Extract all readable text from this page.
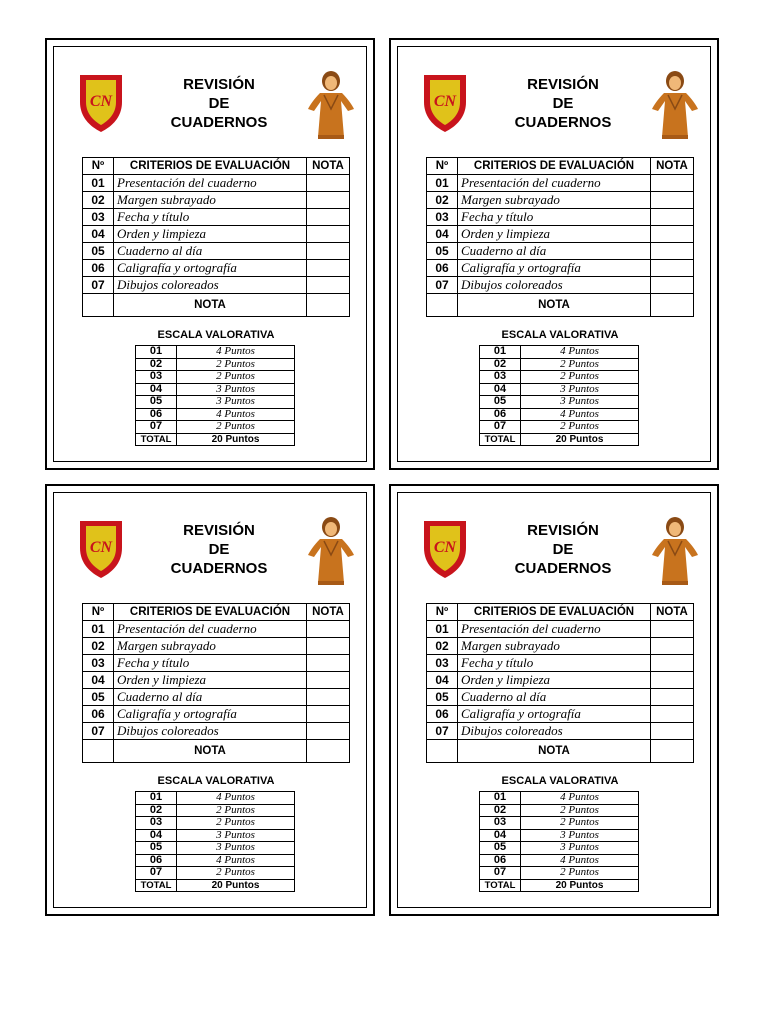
CN
REVISIÓN
DE
CUADERNOS
Nº	CRITERIOS DE EVALUACIÓN	NOTA
01	Presentación del cuaderno	
02	Margen subrayado	
03	Fecha y título	
04	Orden y limpieza	
05	Cuaderno al día	
06	Caligrafía y ortografía	
07	Dibujos coloreados	
	NOTA	
ESCALA VALORATIVA
01	4 Puntos
02	2 Puntos
03	2 Puntos
04	3 Puntos
05	3 Puntos
06	4 Puntos
07	2 Puntos
TOTAL	20 Puntos
CN
REVISIÓN
DE
CUADERNOS
Nº	CRITERIOS DE EVALUACIÓN	NOTA
01	Presentación del cuaderno	
02	Margen subrayado	
03	Fecha y título	
04	Orden y limpieza	
05	Cuaderno al día	
06	Caligrafía y ortografía	
07	Dibujos coloreados	
	NOTA	
ESCALA VALORATIVA
01	4 Puntos
02	2 Puntos
03	2 Puntos
04	3 Puntos
05	3 Puntos
06	4 Puntos
07	2 Puntos
TOTAL	20 Puntos
CN
REVISIÓN
DE
CUADERNOS
Nº	CRITERIOS DE EVALUACIÓN	NOTA
01	Presentación del cuaderno	
02	Margen subrayado	
03	Fecha y título	
04	Orden y limpieza	
05	Cuaderno al día	
06	Caligrafía y ortografía	
07	Dibujos coloreados	
	NOTA	
ESCALA VALORATIVA
01	4 Puntos
02	2 Puntos
03	2 Puntos
04	3 Puntos
05	3 Puntos
06	4 Puntos
07	2 Puntos
TOTAL	20 Puntos
CN
REVISIÓN
DE
CUADERNOS
Nº	CRITERIOS DE EVALUACIÓN	NOTA
01	Presentación del cuaderno	
02	Margen subrayado	
03	Fecha y título	
04	Orden y limpieza	
05	Cuaderno al día	
06	Caligrafía y ortografía	
07	Dibujos coloreados	
	NOTA	
ESCALA VALORATIVA
01	4 Puntos
02	2 Puntos
03	2 Puntos
04	3 Puntos
05	3 Puntos
06	4 Puntos
07	2 Puntos
TOTAL	20 Puntos
